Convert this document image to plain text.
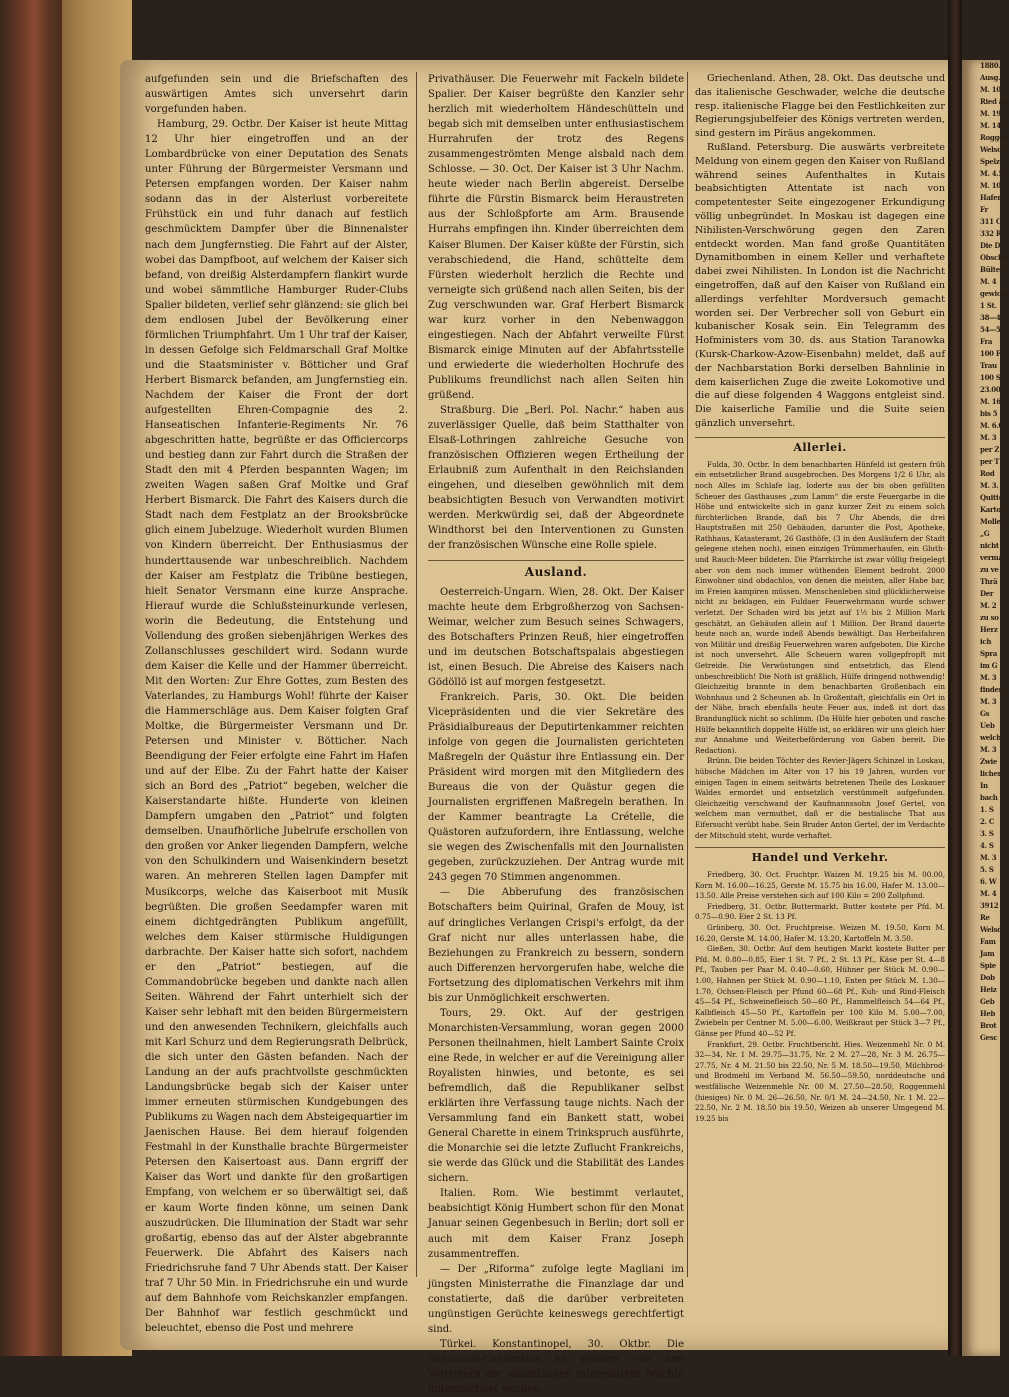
1880.

Ausg.

M. 10

Ried an

M. 19

M. 14.2

Roggen

Welsch

Spelz

M. 4.5

M. 10.

Hafer

Fr

311 C

332 R

Die D

Obschr

Bülten

M. 4

gewicht

1 St.

38—4

54—5

Fra

100 Fl

Trau

100 S

23.00,

M. 16

bis 5

M. 6.0

M. 3

per Z

per T

Rod

M. 3.

Quitte

Kartoff

Moller

„G

nicht

verma

zu ve

Thrä

Der

M. 2

zu so

Herz

ich

Spra

im G

M. 3

finden

M. 3

Gs

Ueb

welch

M. 3

Zwie

lichen

In

bach

1. S

2. C

3. S

4. S

M. 3

5. S

6. W

M. 4

3912

Re

Welsd

Fam

Jam

Spie

Dob

Heiz

Geb

Heb

Brot

Gesc

aufgefunden sein und die Briefschaften des auswärtigen Amtes sich unversehrt darin vorgefunden haben.

Hamburg, 29. Octbr. Der Kaiser ist heute Mittag 12 Uhr hier eingetroffen und an der Lombardbrücke von einer Deputation des Senats unter Führung der Bürgermeister Versmann und Petersen empfangen worden. Der Kaiser nahm sodann das in der Alsterlust vorbereitete Frühstück ein und fuhr danach auf festlich geschmücktem Dampfer über die Binnenalster nach dem Jungfernstieg. Die Fahrt auf der Alster, wobei das Dampfboot, auf welchem der Kaiser sich befand, von dreißig Alsterdampfern flankirt wurde und wobei sämmtliche Hamburger Ruder-Clubs Spalier bildeten, verlief sehr glänzend: sie glich bei dem endlosen Jubel der Bevölkerung einer förmlichen Triumphfahrt. Um 1 Uhr traf der Kaiser, in dessen Gefolge sich Feldmarschall Graf Moltke und die Staatsminister v. Bötticher und Graf Herbert Bismarck befanden, am Jungfernstieg ein. Nachdem der Kaiser die Front der dort aufgestellten Ehren-Compagnie des 2. Hanseatischen Infanterie-Regiments Nr. 76 abgeschritten hatte, begrüßte er das Officiercorps und bestieg dann zur Fahrt durch die Straßen der Stadt den mit 4 Pferden bespannten Wagen; im zweiten Wagen saßen Graf Moltke und Graf Herbert Bismarck. Die Fahrt des Kaisers durch die Stadt nach dem Festplatz an der Brooksbrücke glich einem Jubelzuge. Wiederholt wurden Blumen von Kindern überreicht. Der Enthusiasmus der hunderttausende war unbeschreiblich. Nachdem der Kaiser am Festplatz die Tribüne bestiegen, hielt Senator Versmann eine kurze Ansprache. Hierauf wurde die Schlußsteinurkunde verlesen, worin die Bedeutung, die Entstehung und Vollendung des großen siebenjährigen Werkes des Zollanschlusses geschildert wird. Sodann wurde dem Kaiser die Kelle und der Hammer überreicht. Mit den Worten: Zur Ehre Gottes, zum Besten des Vaterlandes, zu Hamburgs Wohl! führte der Kaiser die Hammerschläge aus. Dem Kaiser folgten Graf Moltke, die Bürgermeister Versmann und Dr. Petersen und Minister v. Bötticher. Nach Beendigung der Feier erfolgte eine Fahrt im Hafen und auf der Elbe. Zu der Fahrt hatte der Kaiser sich an Bord des „Patriot“ begeben, welcher die Kaiserstandarte hißte. Hunderte von kleinen Dampfern umgaben den „Patriot“ und folgten demselben. Unaufhörliche Jubelrufe erschollen von den großen vor Anker liegenden Dampfern, welche von den Schulkindern und Waisenkindern besetzt waren. An mehreren Stellen lagen Dampfer mit Musikcorps, welche das Kaiserboot mit Musik begrüßten. Die großen Seedampfer waren mit einem dichtgedrängten Publikum angefüllt, welches dem Kaiser stürmische Huldigungen darbrachte. Der Kaiser hatte sich sofort, nachdem er den „Patriot“ bestiegen, auf die Commandobrücke begeben und dankte nach allen Seiten. Während der Fahrt unterhielt sich der Kaiser sehr lebhaft mit den beiden Bürgermeistern und den anwesenden Technikern, gleichfalls auch mit Karl Schurz und dem Regierungsrath Delbrück, die sich unter den Gästen befanden. Nach der Landung an der aufs prachtvollste geschmückten Landungsbrücke begab sich der Kaiser unter immer erneuten stürmischen Kundgebungen des Publikums zu Wagen nach dem Absteigequartier im Jaenischen Hause. Bei dem hierauf folgenden Festmahl in der Kunsthalle brachte Bürgermeister Petersen den Kaisertoast aus. Dann ergriff der Kaiser das Wort und dankte für den großartigen Empfang, von welchem er so überwältigt sei, daß er kaum Worte finden könne, um seinen Dank auszudrücken. Die Illumination der Stadt war sehr großartig, ebenso das auf der Alster abgebrannte Feuerwerk. Die Abfahrt des Kaisers nach Friedrichsruhe fand 7 Uhr Abends statt. Der Kaiser traf 7 Uhr 50 Min. in Friedrichsruhe ein und wurde auf dem Bahnhofe vom Reichskanzler empfangen. Der Bahnhof war festlich geschmückt und beleuchtet, ebenso die Post und mehrere

Privathäuser. Die Feuerwehr mit Fackeln bildete Spalier. Der Kaiser begrüßte den Kanzler sehr herzlich mit wiederholtem Händeschütteln und begab sich mit demselben unter enthusiastischem Hurrahrufen der trotz des Regens zusammengeströmten Menge alsbald nach dem Schlosse. — 30. Oct. Der Kaiser ist 3 Uhr Nachm. heute wieder nach Berlin abgereist. Derselbe führte die Fürstin Bismarck beim Heraustreten aus der Schloßpforte am Arm. Brausende Hurrahs empfingen ihn. Kinder überreichten dem Kaiser Blumen. Der Kaiser küßte der Fürstin, sich verabschiedend, die Hand, schüttelte dem Fürsten wiederholt herzlich die Rechte und verneigte sich grüßend nach allen Seiten, bis der Zug verschwunden war. Graf Herbert Bismarck war kurz vorher in den Nebenwaggon eingestiegen. Nach der Abfahrt verweilte Fürst Bismarck einige Minuten auf der Abfahrtsstelle und erwiederte die wiederholten Hochrufe des Publikums freundlichst nach allen Seiten hin grüßend.

Straßburg. Die „Berl. Pol. Nachr.“ haben aus zuverlässiger Quelle, daß beim Statthalter von Elsaß-Lothringen zahlreiche Gesuche von französischen Offizieren wegen Ertheilung der Erlaubniß zum Aufenthalt in den Reichslanden eingehen, und dieselben gewöhnlich mit dem beabsichtigten Besuch von Verwandten motivirt werden. Merkwürdig sei, daß der Abgeordnete Windthorst bei den Interventionen zu Gunsten der französischen Wünsche eine Rolle spiele.

Ausland.

Oesterreich-Ungarn. Wien, 28. Okt. Der Kaiser machte heute dem Erbgroßherzog von Sachsen-Weimar, welcher zum Besuch seines Schwagers, des Botschafters Prinzen Reuß, hier eingetroffen und im deutschen Botschaftspalais abgestiegen ist, einen Besuch. Die Abreise des Kaisers nach Gödöllö ist auf morgen festgesetzt.

Frankreich. Paris, 30. Okt. Die beiden Vicepräsidenten und die vier Sekretäre des Präsidialbureaus der Deputirtenkammer reichten infolge von gegen die Journalisten gerichteten Maßregeln der Quästur ihre Entlassung ein. Der Präsident wird morgen mit den Mitgliedern des Bureaus die von der Quästur gegen die Journalisten ergriffenen Maßregeln berathen. In der Kammer beantragte La Crételle, die Quästoren aufzufordern, ihre Entlassung, welche sie wegen des Zwischenfalls mit den Journalisten gegeben, zurückzuziehen. Der Antrag wurde mit 243 gegen 70 Stimmen angenommen.

— Die Abberufung des französischen Botschafters beim Quirinal, Grafen de Mouy, ist auf dringliches Verlangen Crispi's erfolgt, da der Graf nicht nur alles unterlassen habe, die Beziehungen zu Frankreich zu bessern, sondern auch Differenzen hervorgerufen habe, welche die Fortsetzung des diplomatischen Verkehrs mit ihm bis zur Unmöglichkeit erschwerten.

Tours, 29. Okt. Auf der gestrigen Monarchisten-Versammlung, woran gegen 2000 Personen theilnahmen, hielt Lambert Sainte Croix eine Rede, in welcher er auf die Vereinigung aller Royalisten hinwies, und betonte, es sei befremdlich, daß die Republikaner selbst erklärten ihre Verfassung tauge nichts. Nach der Versammlung fand ein Bankett statt, wobei General Charette in einem Trinkspruch ausführte, die Monarchie sei die letzte Zuflucht Frankreichs, sie werde das Glück und die Stabilität des Landes sichern.

Italien. Rom. Wie bestimmt verlautet, beabsichtigt König Humbert schon für den Monat Januar seinen Gegenbesuch in Berlin; dort soll er auch mit dem Kaiser Franz Joseph zusammentreffen.

— Der „Riforma“ zufolge legte Magliani im jüngsten Ministerrathe die Finanzlage dar und constatierte, daß die darüber verbreiteten ungünstigen Gerüchte keineswegs gerechtfertigt sind.

Türkei. Konstantinopel, 30. Oktbr. Die Suezcanal-Convention ist gestern von den Vertretern der sämmtlichen interessirten Mächte unterzeichnet worden.

Griechenland. Athen, 28. Okt. Das deutsche und das italienische Geschwader, welche die deutsche resp. italienische Flagge bei den Festlichkeiten zur Regierungsjubelfeier des Königs vertreten werden, sind gestern im Piräus angekommen.

Rußland. Petersburg. Die auswärts verbreitete Meldung von einem gegen den Kaiser von Rußland während seines Aufenthaltes in Kutais beabsichtigten Attentate ist nach von competentester Seite eingezogener Erkundigung völlig unbegründet. In Moskau ist dagegen eine Nihilisten-Verschwörung gegen den Zaren entdeckt worden. Man fand große Quantitäten Dynamitbomben in einem Keller und verhaftete dabei zwei Nihilisten. In London ist die Nachricht eingetroffen, daß auf den Kaiser von Rußland ein allerdings verfehlter Mordversuch gemacht worden sei. Der Verbrecher soll von Geburt ein kubanischer Kosak sein. Ein Telegramm des Hofministers vom 30. ds. aus Station Taranowka (Kursk-Charkow-Azow-Eisenbahn) meldet, daß auf der Nachbarstation Borki derselben Bahnlinie in dem kaiserlichen Zuge die zweite Lokomotive und die auf diese folgenden 4 Waggons entgleist sind. Die kaiserliche Familie und die Suite seien gänzlich unversehrt.

Allerlei.

Fulda, 30. Octbr. In dem benachbarten Hünfeld ist gestern früh ein entsetzlicher Brand ausgebrochen. Des Morgens 1/2 6 Uhr, als noch Alles im Schlafe lag, loderte aus der bis oben gefüllten Scheuer des Gasthauses „zum Lamm“ die erste Feuergarbe in die Höhe und entwickelte sich in ganz kurzer Zeit zu einem solch fürchterlichen Brande, daß bis 7 Uhr Abends, die drei Hauptstraßen mit 250 Gebäuden, darunter die Post, Apotheke, Rathhaus, Katasteramt, 26 Gasthöfe, (3 in den Ausläufern der Stadt gelegene stehen noch), einen einzigen Trümmerhaufen, ein Gluth- und Rauch-Meer bildeten. Die Pfarrkirche ist zwar völlig freigelegt aber von dem noch immer wüthenden Element bedroht. 2000 Einwohner sind obdachlos, von denen die meisten, aller Habe bar, im Freien kampiren müssen. Menschenleben sind glücklicherweise nicht zu beklagen, ein Fuldaer Feuerwehrmann wurde schwer verletzt. Der Schaden wird bis jetzt auf 1½ bis 2 Million Mark geschätzt, an Gebäuden allein auf 1 Million. Der Brand dauerte heute noch an, wurde indeß Abends bewältigt. Das Herbeifahren von Militär und dreißig Feuerwehren waren aufgeboten. Die Kirche ist noch unversehrt. Alle Scheuern waren vollgepfropft mit Getreide. Die Verwüstungen sind entsetzlich, das Elend unbeschreiblich! Die Noth ist gräßlich, Hülfe dringend nothwendig! Gleichzeitig brannte in dem benachbarten Großenbach ein Wohnhaus und 2 Scheunen ab. In Großentaft, gleichfalls ein Ort in der Nähe, brach ebenfalls heute Feuer aus, indeß ist dort das Brandunglück nicht so schlimm. (Da Hülfe hier geboten und rasche Hülfe bekanntlich doppelte Hülfe ist, so erklären wir uns gleich hier zur Annahme und Weiterbeförderung von Gaben bereit. Die Redaction).

Brünn. Die beiden Töchter des Revier-Jägers Schinzel in Loskau, hübsche Mädchen im Alter von 17 bis 19 Jahren, wurden vor einigen Tagen in einem seitwärts betretenen Theile des Loskauer Waldes ermordet und entsetzlich verstümmelt aufgefunden. Gleichzeitig verschwand der Kaufmannssohn Josef Gertel, von welchem man vermuthet, daß er die bestialische That aus Eifersucht verübt habe. Sein Bruder Anton Gertel, der im Verdachte der Mitschuld steht, wurde verhaftet.

Handel und Verkehr.

Friedberg, 30. Oct. Fruchtpr. Waizen M. 19.25 bis M. 00.00, Korn M. 16.00—16.25, Gerste M. 15.75 bis 16.00, Hafer M. 13.00—13.50. Alle Preise verstehen sich auf 100 Kilo = 200 Zollpfund.

Friedberg, 31. Octbr. Buttermarkt. Butter kostete per Pfd. M. 0.75—0.90. Eier 2 St. 13 Pf.

Grünberg, 30. Oct. Fruchtpreise. Weizen M. 19.50, Korn M. 16.20, Gerste M. 14.00, Hafer M. 13.20, Kartoffeln M. 3.50.

Gießen, 30. Octbr. Auf dem heutigen Markt kostete Butter per Pfd. M. 0.80—0.85, Eier 1 St. 7 Pf., 2 St. 13 Pf., Käse per St. 4—8 Pf., Tauben per Paar M. 0.40—0.60, Hühner per Stück M. 0.90—1.00, Hahnen per Stück M. 0.90—1.10, Enten per Stück M. 1.30—1.70, Ochsen-Fleisch per Pfund 60—68 Pf., Kuh- und Rind-Fleisch 45—54 Pf., Schweinefleisch 50—60 Pf., Hammelfleisch 54—64 Pf., Kalbfleisch 45—50 Pf., Kartoffeln per 100 Kilo M. 5.00—7.00, Zwiebeln per Centner M. 5.00—6.00, Weißkraut per Stück 3—7 Pf., Gänse per Pfund 40—52 Pf.

Frankfurt, 29. Octbr. Fruchtbericht. Hies. Weizenmehl Nr. 0 M. 32—34, Nr. 1 M. 29.75—31.75, Nr. 2 M. 27—28, Nr. 3 M. 26.75—27.75, Nr. 4 M. 21.50 bis 22.50, Nr. 5 M. 18.50—19.50, Milchbrod- und Brodmehl im Verband M. 56.50—59.50, norddeutsche und westfälische Weizenmehle Nr. 00 M. 27.50—28.50, Roggenmehl (hiesiges) Nr. 0 M. 26—26.50, Nr. 0/1 M. 24—24.50, Nr. 1 M. 22—22.50, Nr. 2 M. 18.50 bis 19.50, Weizen ab unserer Umgegend M. 19.25 bis
